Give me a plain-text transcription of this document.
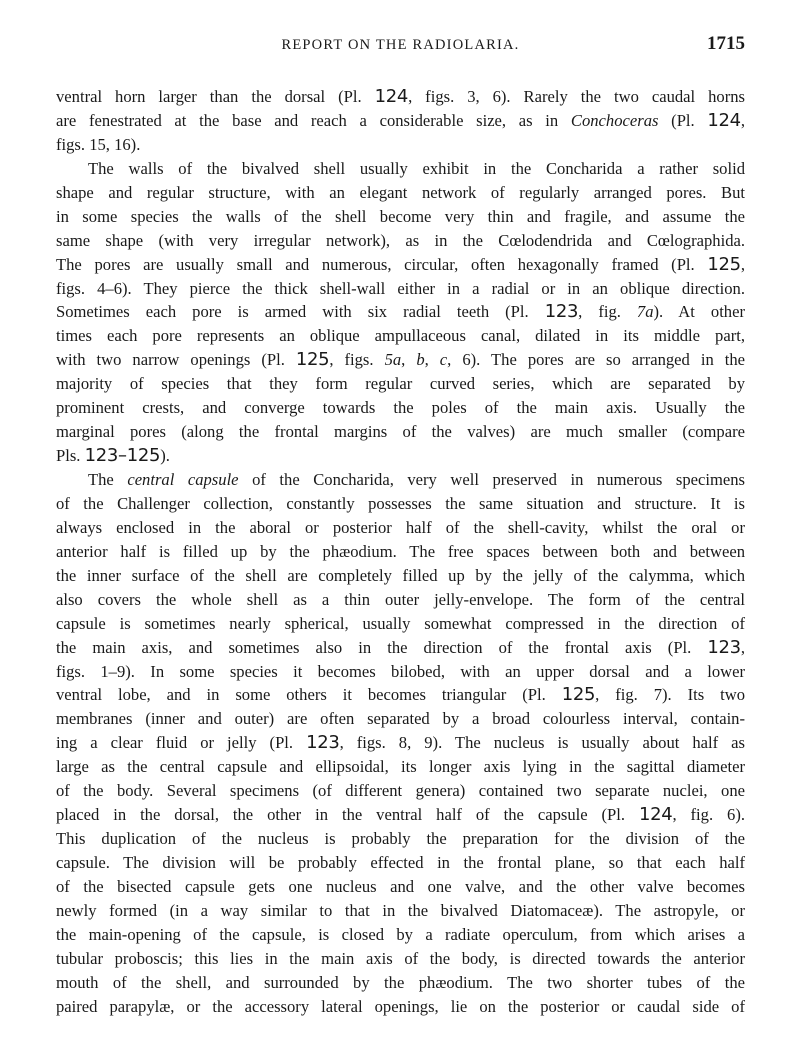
REPORT ON THE RADIOLARIA.	1715
ventral horn larger than the dorsal (Pl. 124, figs. 3, 6). Rarely the two caudal horns
are fenestrated at the base and reach a considerable size, as in Conchoceras (Pl. 124,
figs. 15, 16).
The walls of the bivalved shell usually exhibit in the Concharida a rather solid
shape and regular structure, with an elegant network of regularly arranged pores. But
in some species the walls of the shell become very thin and fragile, and assume the
same shape (with very irregular network), as in the Cœlodendrida and Cœlographida.
The pores are usually small and numerous, circular, often hexagonally framed (Pl. 125,
figs. 4–6). They pierce the thick shell-wall either in a radial or in an oblique direction.
Sometimes each pore is armed with six radial teeth (Pl. 123, fig. 7a). At other
times each pore represents an oblique ampullaceous canal, dilated in its middle part,
with two narrow openings (Pl. 125, figs. 5a, b, c, 6). The pores are so arranged in the
majority of species that they form regular curved series, which are separated by
prominent crests, and converge towards the poles of the main axis. Usually the
marginal pores (along the frontal margins of the valves) are much smaller (compare
Pls. 123–125).
The central capsule of the Concharida, very well preserved in numerous specimens
of the Challenger collection, constantly possesses the same situation and structure. It is
always enclosed in the aboral or posterior half of the shell-cavity, whilst the oral or
anterior half is filled up by the phæodium. The free spaces between both and between
the inner surface of the shell are completely filled up by the jelly of the calymma, which
also covers the whole shell as a thin outer jelly-envelope. The form of the central
capsule is sometimes nearly spherical, usually somewhat compressed in the direction of
the main axis, and sometimes also in the direction of the frontal axis (Pl. 123,
figs. 1–9). In some species it becomes bilobed, with an upper dorsal and a lower
ventral lobe, and in some others it becomes triangular (Pl. 125, fig. 7). Its two
membranes (inner and outer) are often separated by a broad colourless interval, contain-
ing a clear fluid or jelly (Pl. 123, figs. 8, 9). The nucleus is usually about half as
large as the central capsule and ellipsoidal, its longer axis lying in the sagittal diameter
of the body. Several specimens (of different genera) contained two separate nuclei, one
placed in the dorsal, the other in the ventral half of the capsule (Pl. 124, fig. 6).
This duplication of the nucleus is probably the preparation for the division of the
capsule. The division will be probably effected in the frontal plane, so that each half
of the bisected capsule gets one nucleus and one valve, and the other valve becomes
newly formed (in a way similar to that in the bivalved Diatomaceæ). The astropyle, or
the main-opening of the capsule, is closed by a radiate operculum, from which arises a
tubular proboscis; this lies in the main axis of the body, is directed towards the anterior
mouth of the shell, and surrounded by the phæodium. The two shorter tubes of the
paired parapylæ, or the accessory lateral openings, lie on the posterior or caudal side of
